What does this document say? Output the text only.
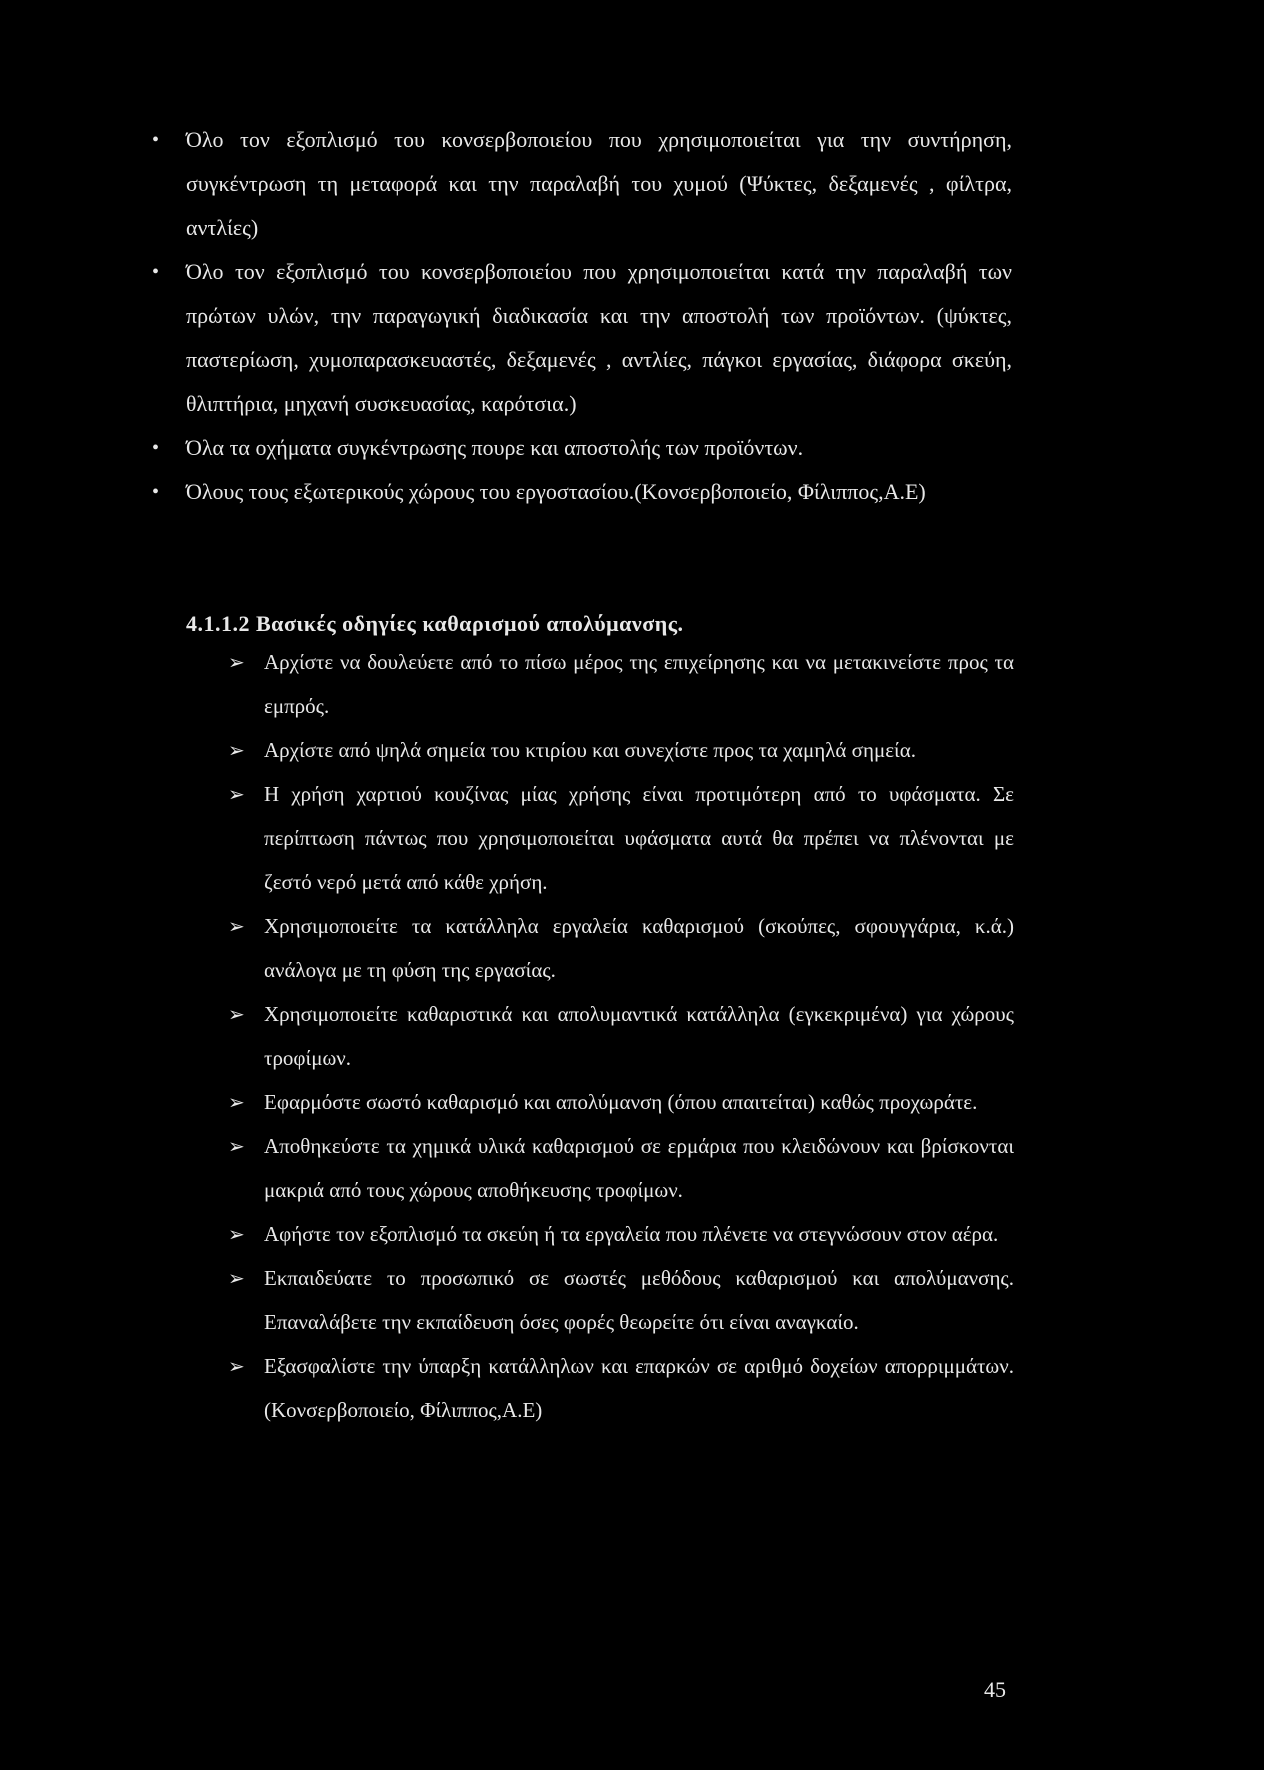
• Όλο τον εξοπλισμό του κονσερβοποιείου που χρησιμοποιείται για την συντήρηση, συγκέντρωση τη μεταφορά και την παραλαβή του χυμού (Ψύκτες, δεξαμενές , φίλτρα, αντλίες)
• Όλο τον εξοπλισμό του κονσερβοποιείου που χρησιμοποιείται κατά την παραλαβή των πρώτων υλών, την παραγωγική διαδικασία και την αποστολή των προϊόντων. (ψύκτες, παστερίωση, χυμοπαρασκευαστές, δεξαμενές , αντλίες, πάγκοι εργασίας, διάφορα σκεύη, θλιπτήρια, μηχανή συσκευασίας, καρότσια.)
• Όλα τα οχήματα συγκέντρωσης πουρε και αποστολής των προϊόντων.
• Όλους τους εξωτερικούς χώρους του εργοστασίου.(Κονσερβοποιείο, Φίλιππος,Α.Ε)
4.1.1.2 Βασικές οδηγίες καθαρισμού απολύμανσης.
➢ Αρχίστε να δουλεύετε από το πίσω μέρος της επιχείρησης και να μετακινείστε προς τα εμπρός.
➢ Αρχίστε από ψηλά σημεία του κτιρίου και συνεχίστε προς τα χαμηλά σημεία.
➢ Η χρήση χαρτιού κουζίνας μίας χρήσης είναι προτιμότερη από το υφάσματα. Σε περίπτωση πάντως που χρησιμοποιείται υφάσματα αυτά θα πρέπει να πλένονται με ζεστό νερό μετά από κάθε χρήση.
➢ Χρησιμοποιείτε τα κατάλληλα εργαλεία καθαρισμού (σκούπες, σφουγγάρια, κ.ά.) ανάλογα με τη φύση της εργασίας.
➢ Χρησιμοποιείτε καθαριστικά και απολυμαντικά κατάλληλα (εγκεκριμένα) για χώρους τροφίμων.
➢ Εφαρμόστε σωστό καθαρισμό και απολύμανση (όπου απαιτείται) καθώς προχωράτε.
➢ Αποθηκεύστε τα χημικά υλικά καθαρισμού σε ερμάρια που κλειδώνουν και βρίσκονται μακριά από τους χώρους αποθήκευσης τροφίμων.
➢ Αφήστε τον εξοπλισμό τα σκεύη ή τα εργαλεία που πλένετε να στεγνώσουν στον αέρα.
➢ Εκπαιδεύατε το προσωπικό σε σωστές μεθόδους καθαρισμού και απολύμανσης. Επαναλάβετε την εκπαίδευση όσες φορές θεωρείτε ότι είναι αναγκαίο.
➢ Εξασφαλίστε την ύπαρξη κατάλληλων και επαρκών σε αριθμό δοχείων απορριμμάτων. (Κονσερβοποιείο, Φίλιππος,Α.Ε)
45
